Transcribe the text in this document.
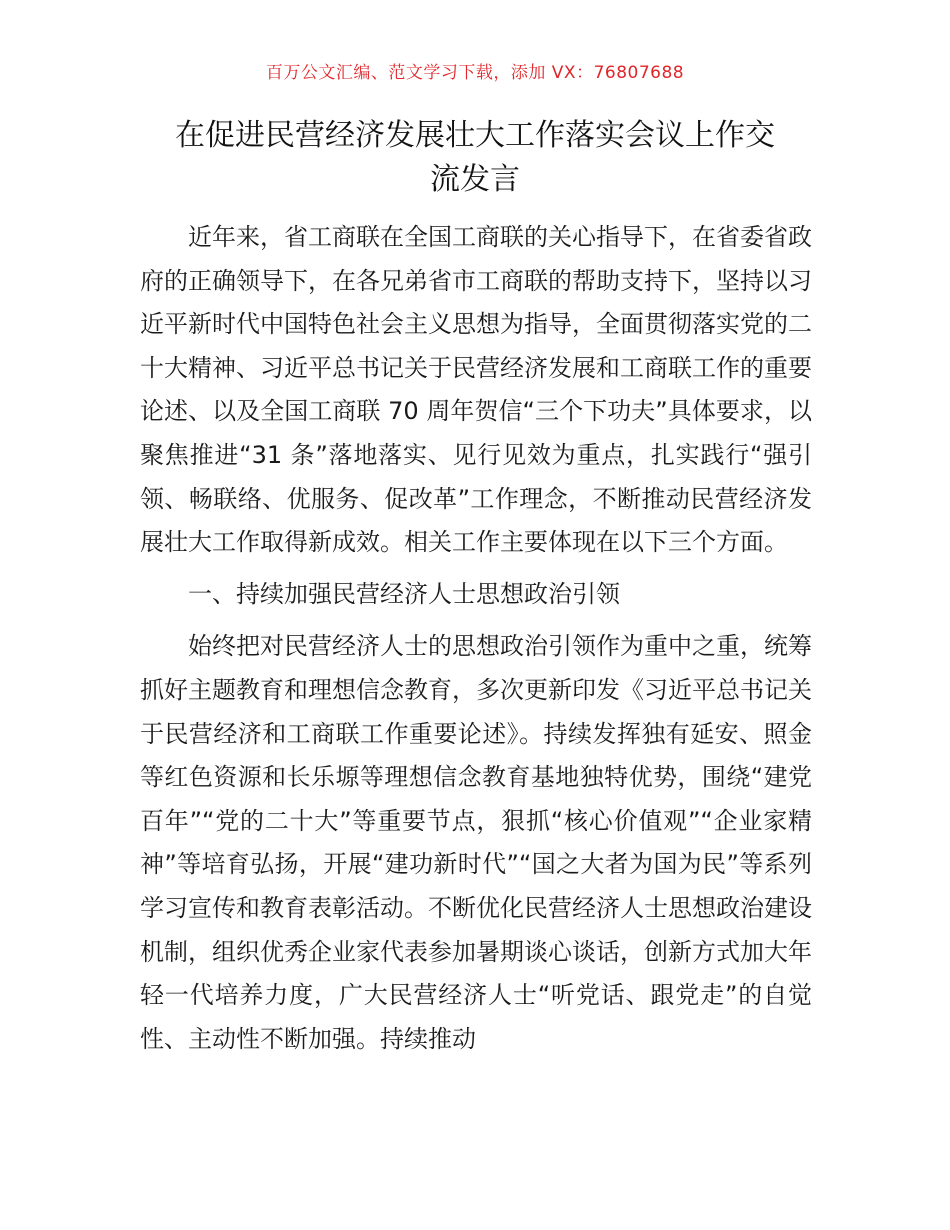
百万公文汇编、范文学习下载，添加 VX：76807688
在促进民营经济发展壮大工作落实会议上作交
流发言

近年来，省工商联在全国工商联的关心指导下，在省委省政府的正确领导下，在各兄弟省市工商联的帮助支持下，坚持以习近平新时代中国特色社会主义思想为指导，全面贯彻落实党的二十大精神、习近平总书记关于民营经济发展和工商联工作的重要论述、以及全国工商联 70 周年贺信“三个下功夫”具体要求，以聚焦推进“31 条”落地落实、见行见效为重点，扎实践行“强引领、畅联络、优服务、促改革”工作理念，不断推动民营经济发展壮大工作取得新成效。相关工作主要体现在以下三个方面。

一、持续加强民营经济人士思想政治引领

始终把对民营经济人士的思想政治引领作为重中之重，统筹抓好主题教育和理想信念教育，多次更新印发《习近平总书记关于民营经济和工商联工作重要论述》。持续发挥独有延安、照金等红色资源和长乐塬等理想信念教育基地独特优势，围绕“建党百年”“党的二十大”等重要节点，狠抓“核心价值观”“企业家精神”等培育弘扬，开展“建功新时代”“国之大者为国为民”等系列学习宣传和教育表彰活动。不断优化民营经济人士思想政治建设机制，组织优秀企业家代表参加暑期谈心谈话，创新方式加大年轻一代培养力度，广大民营经济人士“听党话、跟党走”的自觉性、主动性不断加强。持续推动
